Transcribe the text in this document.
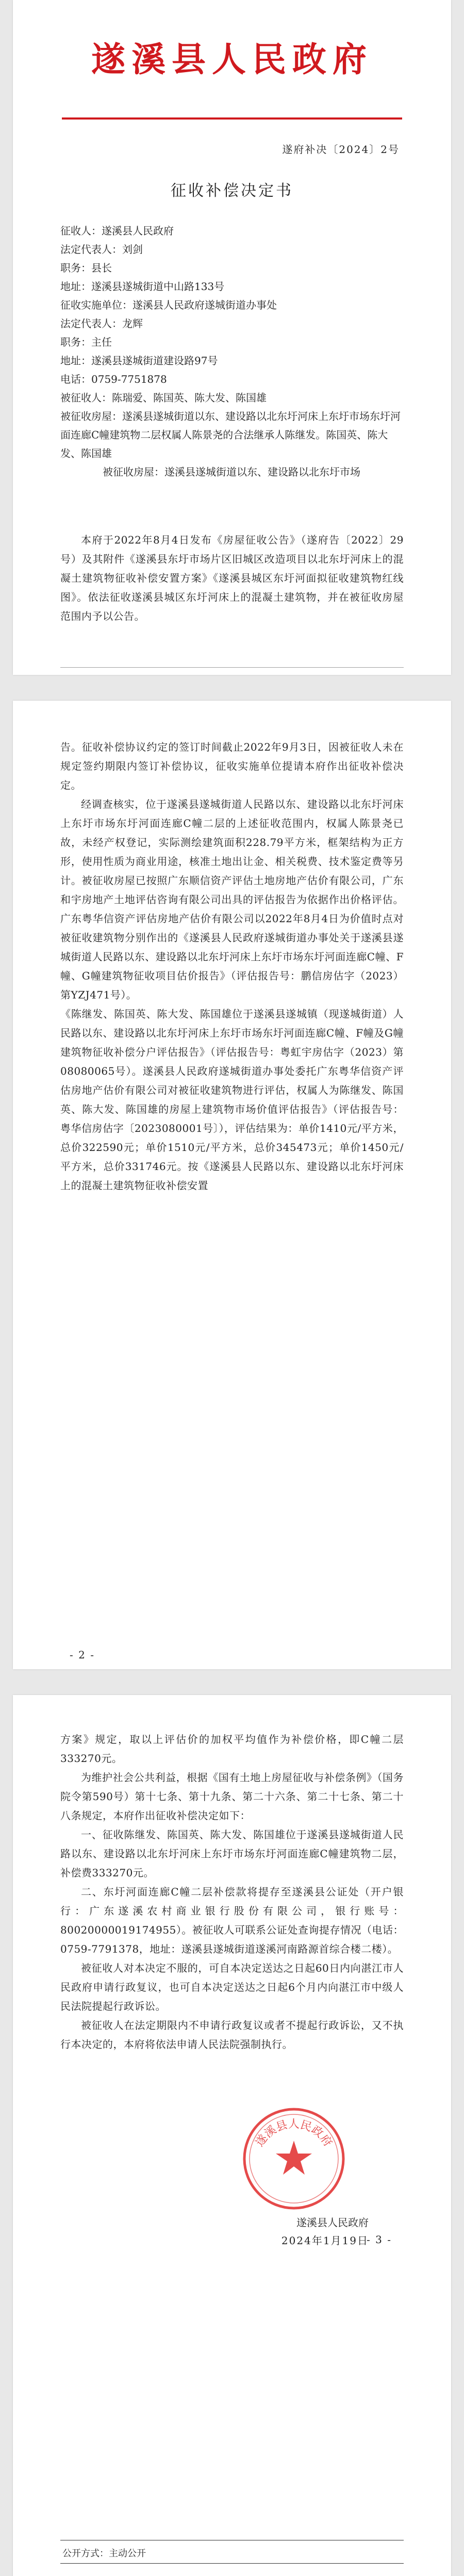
遂溪县人民政府
遂府补决〔2024〕2号
征收补偿决定书
征收人：遂溪县人民政府
法定代表人：刘剑
职务：县长
地址：遂溪县遂城街道中山路133号
征收实施单位：遂溪县人民政府遂城街道办事处
法定代表人：龙辉
职务：主任
地址：遂溪县遂城街道建设路97号
电话：0759-7751878
被征收人：陈瑞爱、陈国英、陈大发、陈国雄
被征收房屋：遂溪县遂城街道以东、建设路以北东圩河床上东圩市场东圩河面连廊C幢建筑物二层权属人陈景尧的合法继承人陈继发。陈国英、陈大发、陈国雄
被征收房屋：遂溪县遂城街道以东、建设路以北东圩市场

本府于2022年8月4日发布《房屋征收公告》（遂府告〔2022〕29号）及其附件《遂溪县东圩市场片区旧城区改造项目以北东圩河床上的混凝土建筑物征收补偿安置方案》《遂溪县城区东圩河面拟征收建筑物红线图》。依法征收遂溪县城区东圩河床上的混凝土建筑物，并在被征收房屋范围内予以公告。

告。征收补偿协议约定的签订时间截止2022年9月3日，因被征收人未在规定签约期限内签订补偿协议，征收实施单位提请本府作出征收补偿决定。

经调查核实，位于遂溪县遂城街道人民路以东、建设路以北东圩河床上东圩市场东圩河面连廊C幢二层的上述征收范围内，权属人陈景尧已故，未经产权登记，实际测绘建筑面积228.79平方米，框架结构为正方形，使用性质为商业用途，核准土地出让金、相关税费、技术鉴定费等另计。被征收房屋已按照广东顺信资产评估土地房地产估价有限公司，广东和宇房地产土地评估咨询有限公司出具的评估报告为依据作出价格评估。广东粤华信资产评估房地产估价有限公司以2022年8月4日为价值时点对被征收建筑物分别作出的《遂溪县人民政府遂城街道办事处关于遂溪县遂城街道人民路以东、建设路以北东圩河床上东圩市场东圩河面连廊C幢、F幢、G幢建筑物征收项目估价报告》（评估报告号：鹏信房估字（2023）第YZJ471号）。

《陈继发、陈国英、陈大发、陈国雄位于遂溪县遂城镇（现遂城街道）人民路以东、建设路以北东圩河床上东圩市场东圩河面连廊C幢、F幢及G幢建筑物征收补偿分户评估报告》（评估报告号：粤虹宇房估字（2023）第08080065号）。遂溪县人民政府遂城街道办事处委托广东粤华信资产评估房地产估价有限公司对被征收建筑物进行评估，权属人为陈继发、陈国英、陈大发、陈国雄的房屋上建筑物市场价值评估报告》（评估报告号：粤华信房估字〔2023080001号〕），评估结果为：单价1410元/平方米，总价322590元；单价1510元/平方米，总价345473元；单价1450元/平方米，总价331746元。按《遂溪县人民路以东、建设路以北东圩河床上的混凝土建筑物征收补偿安置

- 2 -

方案》规定，取以上评估价的加权平均值作为补偿价格，即C幢二层333270元。

为维护社会公共利益，根据《国有土地上房屋征收与补偿条例》（国务院令第590号）第十七条、第十九条、第二十六条、第二十七条、第二十八条规定，本府作出征收补偿决定如下：

一、征收陈继发、陈国英、陈大发、陈国雄位于遂溪县遂城街道人民路以东、建设路以北东圩河床上东圩市场东圩河面连廊C幢建筑物二层，补偿费333270元。

二、东圩河面连廊C幢二层补偿款将提存至遂溪县公证处（开户银行：广东遂溪农村商业银行股份有限公司，银行账号：80020000019174955）。被征收人可联系公证处查询提存情况（电话：0759-7791378，地址：遂溪县遂城街道遂溪河南路源首综合楼二楼）。

被征收人对本决定不服的，可自本决定送达之日起60日内向湛江市人民政府申请行政复议，也可自本决定送达之日起6个月内向湛江市中级人民法院提起行政诉讼。

被征收人在法定期限内不申请行政复议或者不提起行政诉讼，又不执行本决定的，本府将依法申请人民法院强制执行。

遂溪县人民政府
遂溪县人民政府
2024年1月19日
- 3 -
公开方式：主动公开
